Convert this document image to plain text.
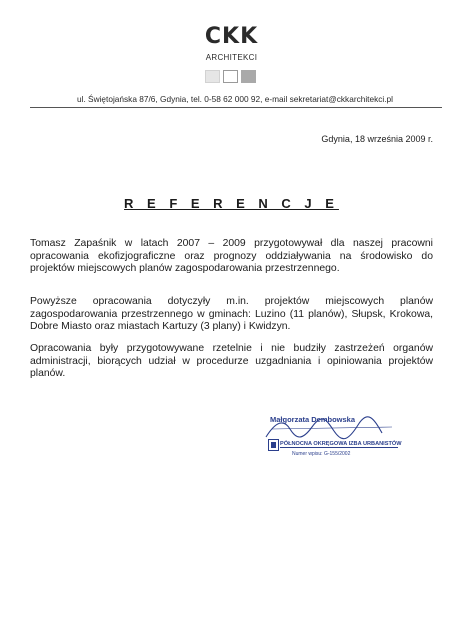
CKK
ARCHITEKCI
ul. Świętojańska 87/6, Gdynia, tel. 0-58 62 000 92, e-mail sekretariat@ckkarchitekci.pl
Gdynia, 18 września 2009 r.
R E F E R E N C J E
Tomasz Zapaśnik w latach 2007 – 2009 przygotowywał dla naszej pracowni opracowania ekofizjograficzne oraz prognozy oddziaływania na środowisko do projektów miejscowych planów zagospodarowania przestrzennego.
Powyższe opracowania dotyczyły m.in. projektów miejscowych planów zagospodarowania przestrzennego w gminach: Luzino (11 planów), Słupsk, Krokowa, Dobre Miasto oraz miastach Kartuzy (3 plany) i Kwidzyn.
Opracowania były przygotowywane rzetelnie i nie budziły zastrzeżeń organów administracji, biorących udział w procedurze uzgadniania i opiniowania projektów planów.
Małgorzata Dembowska
PÓŁNOCNA OKRĘGOWA IZBA URBANISTÓW
Numer wpisu: G-155/2002
